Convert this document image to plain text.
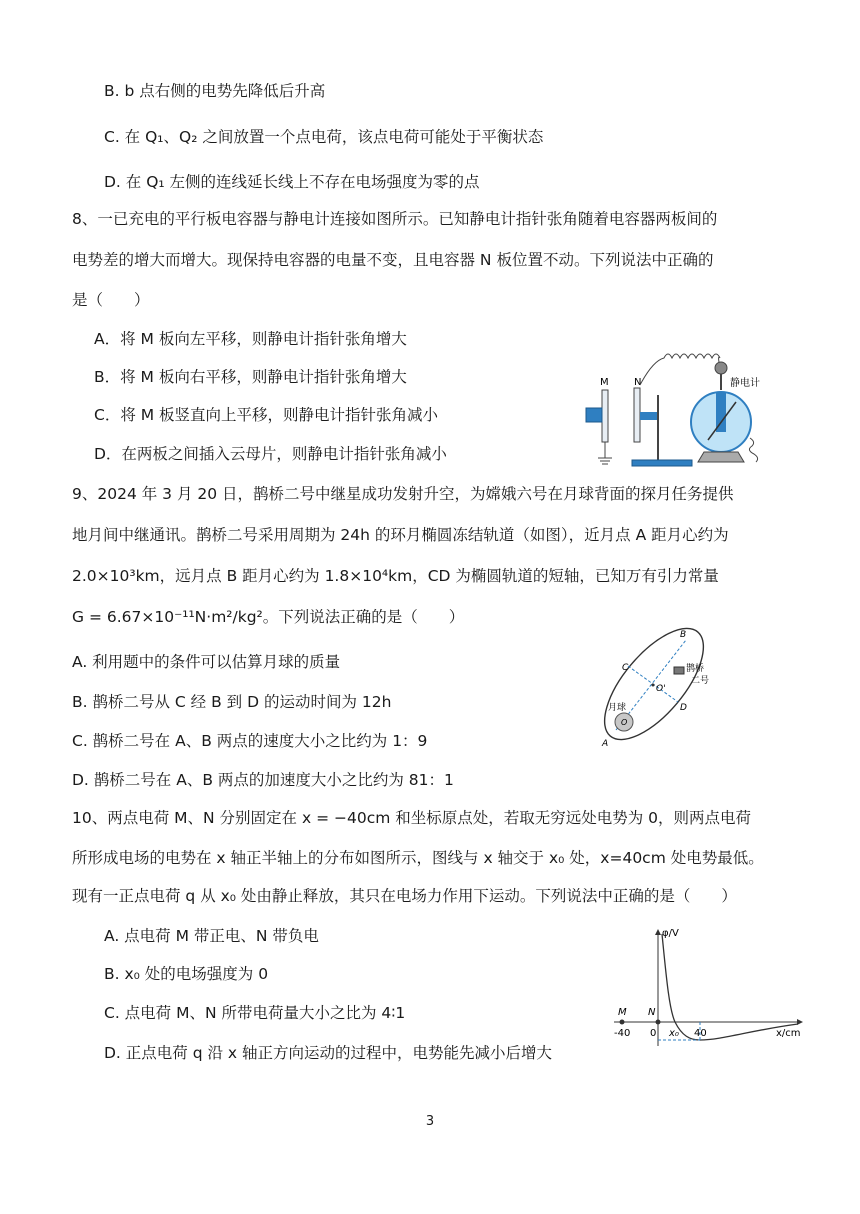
B. b 点右侧的电势先降低后升高
C. 在 Q₁、Q₂ 之间放置一个点电荷，该点电荷可能处于平衡状态
D. 在 Q₁ 左侧的连线延长线上不存在电场强度为零的点
8、一已充电的平行板电容器与静电计连接如图所示。已知静电计指针张角随着电容器两板间的
电势差的增大而增大。现保持电容器的电量不变，且电容器 N 板位置不动。下列说法中正确的
是（　　）
A．将 M 板向左平移，则静电计指针张角增大
B．将 M 板向右平移，则静电计指针张角增大
C．将 M 板竖直向上平移，则静电计指针张角减小
D．在两板之间插入云母片，则静电计指针张角减小
M	N	静电计
9、2024 年 3 月 20 日，鹊桥二号中继星成功发射升空，为嫦娥六号在月球背面的探月任务提供
地月间中继通讯。鹊桥二号采用周期为 24h 的环月椭圆冻结轨道（如图），近月点 A 距月心约为
2.0×10³km，远月点 B 距月心约为 1.8×10⁴km，CD 为椭圆轨道的短轴，已知万有引力常量
G = 6.67×10⁻¹¹N·m²/kg²。下列说法正确的是（　　）
A. 利用题中的条件可以估算月球的质量
B. 鹊桥二号从 C 经 B 到 D 的运动时间为 12h
C. 鹊桥二号在 A、B 两点的速度大小之比约为 1：9
D. 鹊桥二号在 A、B 两点的加速度大小之比约为 81：1
B
C
D
A
O'
O
月球
鹊桥
二号
10、两点电荷 M、N 分别固定在 x = −40cm 和坐标原点处，若取无穷远处电势为 0，则两点电荷
所形成电场的电势在 x 轴正半轴上的分布如图所示，图线与 x 轴交于 x₀ 处，x=40cm 处电势最低。
现有一正点电荷 q 从 x₀ 处由静止释放，其只在电场力作用下运动。下列说法中正确的是（　　）
A. 点电荷 M 带正电、N 带负电
B. x₀ 处的电场强度为 0
C. 点电荷 M、N 所带电荷量大小之比为 4∶1
D. 正点电荷 q 沿 x 轴正方向运动的过程中，电势能先减小后增大
φ/V
x/cm
M N
-40 0 x₀ 40
3
